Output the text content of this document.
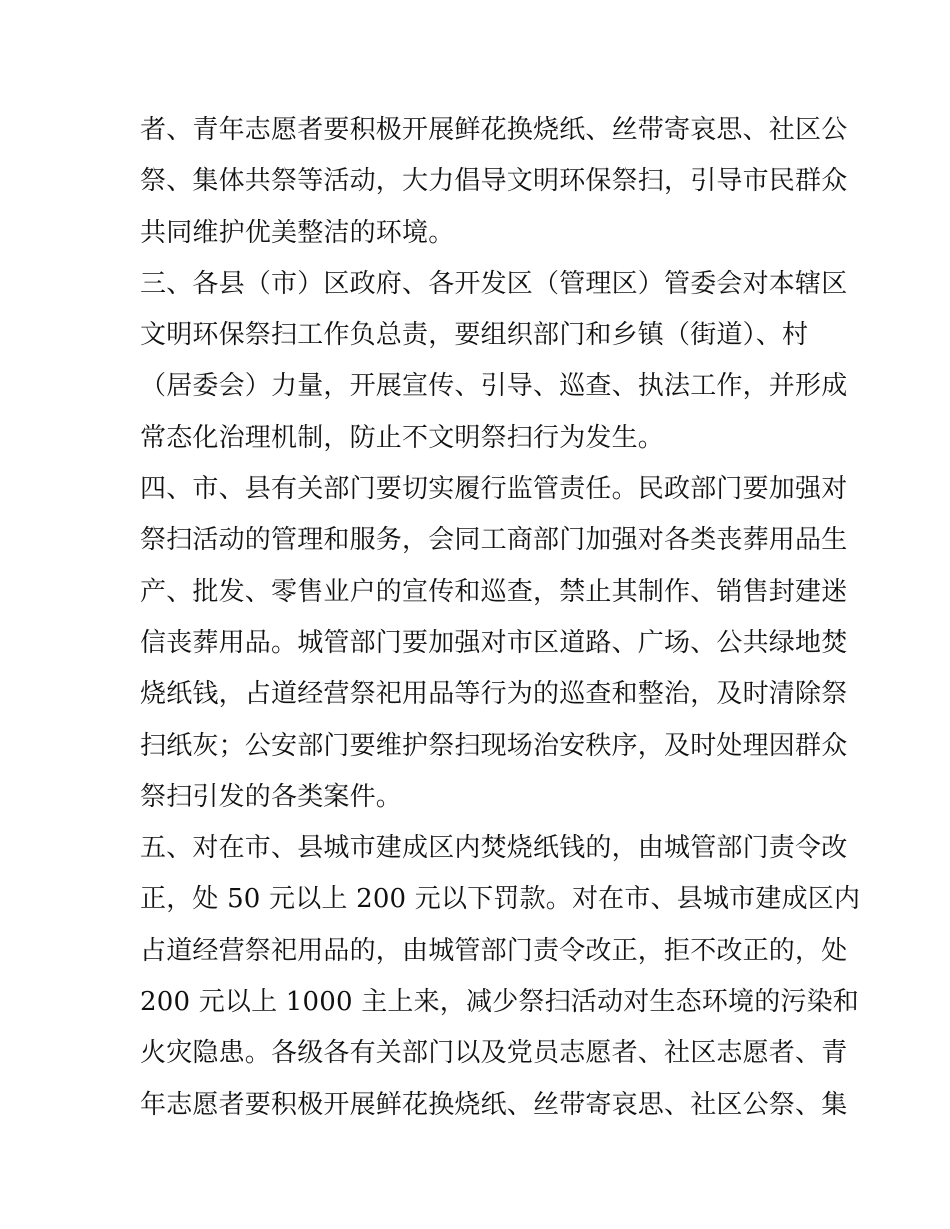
者、青年志愿者要积极开展鲜花换烧纸、丝带寄哀思、社区公
祭、集体共祭等活动，大力倡导文明环保祭扫，引导市民群众
共同维护优美整洁的环境。
三、各县（市）区政府、各开发区（管理区）管委会对本辖区
文明环保祭扫工作负总责，要组织部门和乡镇（街道）、村
（居委会）力量，开展宣传、引导、巡查、执法工作，并形成
常态化治理机制，防止不文明祭扫行为发生。
四、市、县有关部门要切实履行监管责任。民政部门要加强对
祭扫活动的管理和服务，会同工商部门加强对各类丧葬用品生
产、批发、零售业户的宣传和巡查，禁止其制作、销售封建迷
信丧葬用品。城管部门要加强对市区道路、广场、公共绿地焚
烧纸钱，占道经营祭祀用品等行为的巡查和整治，及时清除祭
扫纸灰；公安部门要维护祭扫现场治安秩序，及时处理因群众
祭扫引发的各类案件。
五、对在市、县城市建成区内焚烧纸钱的，由城管部门责令改
正，处 50 元以上 200 元以下罚款。对在市、县城市建成区内
占道经营祭祀用品的，由城管部门责令改正，拒不改正的，处
200 元以上 1000 主上来，减少祭扫活动对生态环境的污染和
火灾隐患。各级各有关部门以及党员志愿者、社区志愿者、青
年志愿者要积极开展鲜花换烧纸、丝带寄哀思、社区公祭、集
